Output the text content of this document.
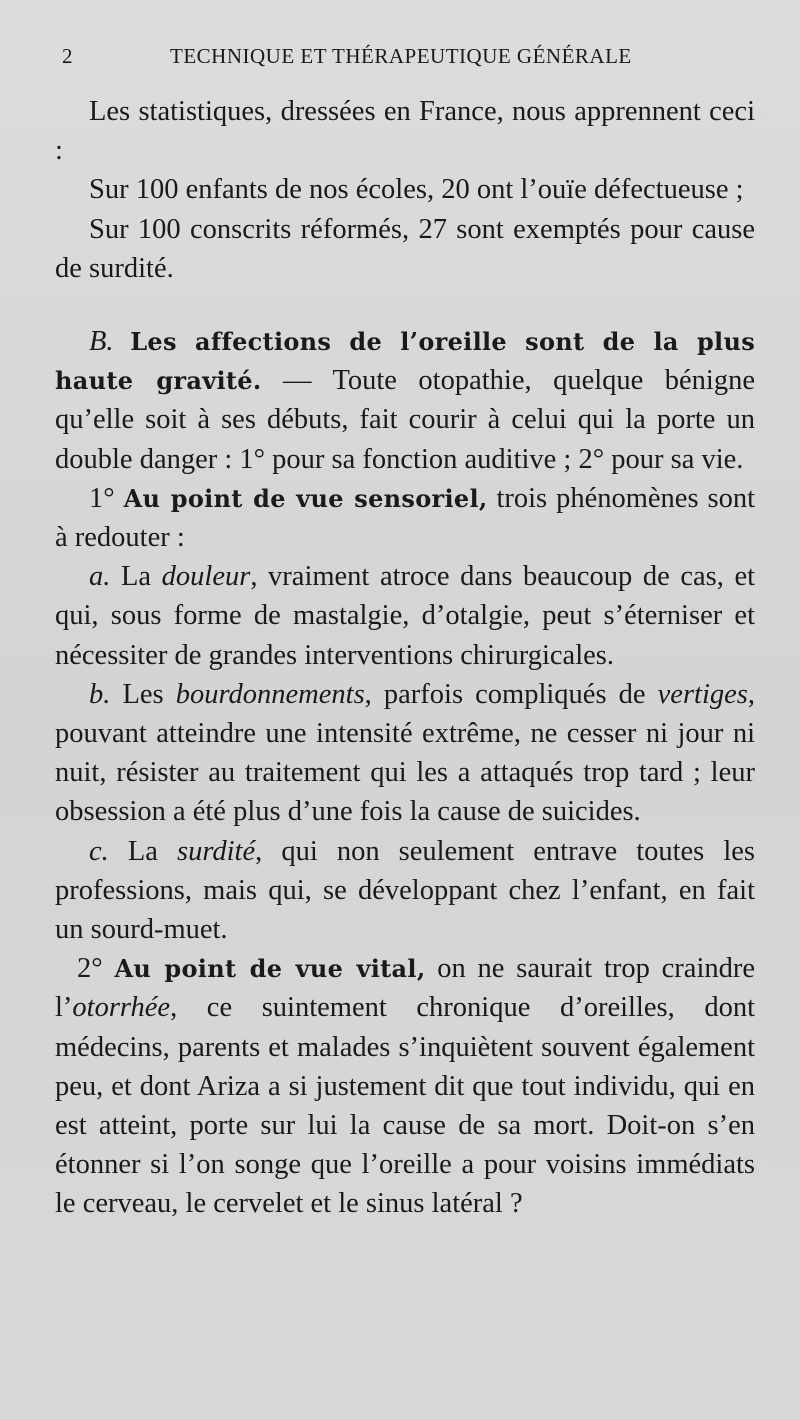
2	TECHNIQUE ET THÉRAPEUTIQUE GÉNÉRALE

Les statistiques, dressées en France, nous apprennent ceci :

Sur 100 enfants de nos écoles, 20 ont l’ouïe défectueuse ;

Sur 100 conscrits réformés, 27 sont exemptés pour cause de surdité.

B. Les affections de l’oreille sont de la plus haute gravité. — Toute otopathie, quelque bénigne qu’elle soit à ses débuts, fait courir à celui qui la porte un double danger : 1° pour sa fonction auditive ; 2° pour sa vie.

1° Au point de vue sensoriel, trois phénomènes sont à redouter :

a. La douleur, vraiment atroce dans beaucoup de cas, et qui, sous forme de mastalgie, d’otalgie, peut s’éterniser et nécessiter de grandes interventions chirurgicales.

b. Les bourdonnements, parfois compliqués de vertiges, pouvant atteindre une intensité extrême, ne cesser ni jour ni nuit, résister au traitement qui les a attaqués trop tard ; leur obsession a été plus d’une fois la cause de suicides.

c. La surdité, qui non seulement entrave toutes les professions, mais qui, se développant chez l’enfant, en fait un sourd-muet.

2° Au point de vue vital, on ne saurait trop craindre l’otorrhée, ce suintement chronique d’oreilles, dont médecins, parents et malades s’inquiètent souvent également peu, et dont Ariza a si justement dit que tout individu, qui en est atteint, porte sur lui la cause de sa mort. Doit-on s’en étonner si l’on songe que l’oreille a pour voisins immédiats le cerveau, le cervelet et le sinus latéral ?
